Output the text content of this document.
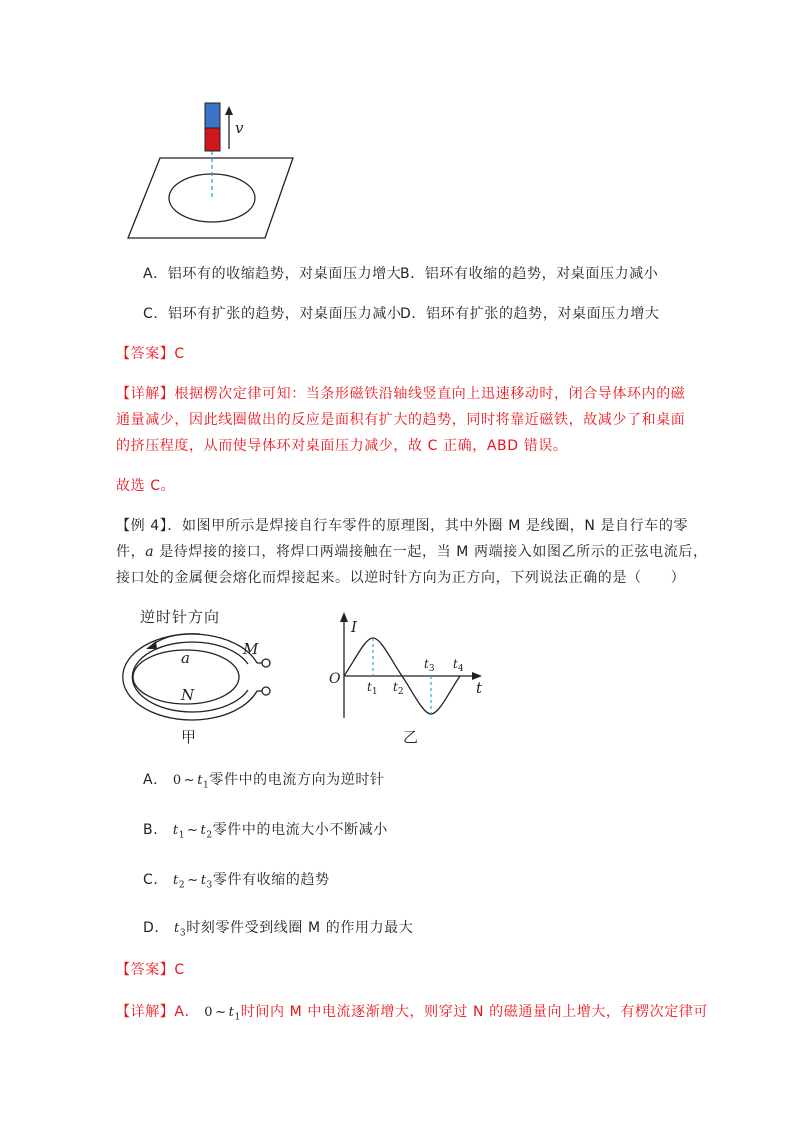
v
A．铝环有的收缩趋势，对桌面压力增大
B．铝环有收缩的趋势，对桌面压力减小
C．铝环有扩张的趋势，对桌面压力减小
D．铝环有扩张的趋势，对桌面压力增大
【答案】C
【详解】根据楞次定律可知：当条形磁铁沿轴线竖直向上迅速移动时，闭合导体环内的磁
通量减少，因此线圈做出的反应是面积有扩大的趋势，同时将靠近磁铁，故减少了和桌面
的挤压程度，从而使导体环对桌面压力减少，故 C 正确，ABD 错误。
故选 C。
【例 4】．如图甲所示是焊接自行车零件的原理图，其中外圈 M 是线圈，N 是自行车的零
件，a 是待焊接的接口，将焊口两端接触在一起，当 M 两端接入如图乙所示的正弦电流后，
接口处的金属便会熔化而焊接起来。以逆时针方向为正方向，下列说法正确的是（　　）
逆时针方向
M
a
N
甲
I
t
O $t_1$ $t_2$
$t_3$ $t_4$
乙
A． 0 ~ $t_1$零件中的电流方向为逆时针
B． $t_1$ ~ $t_2$零件中的电流大小不断减小
C． $t_2$ ~ $t_3$零件有收缩的趋势
D． $t_3$时刻零件受到线圈 M 的作用力最大
【答案】C
【详解】A． 0 ~ $t_1$时间内 M 中电流逐渐增大，则穿过 N 的磁通量向上增大，有楞次定律可
